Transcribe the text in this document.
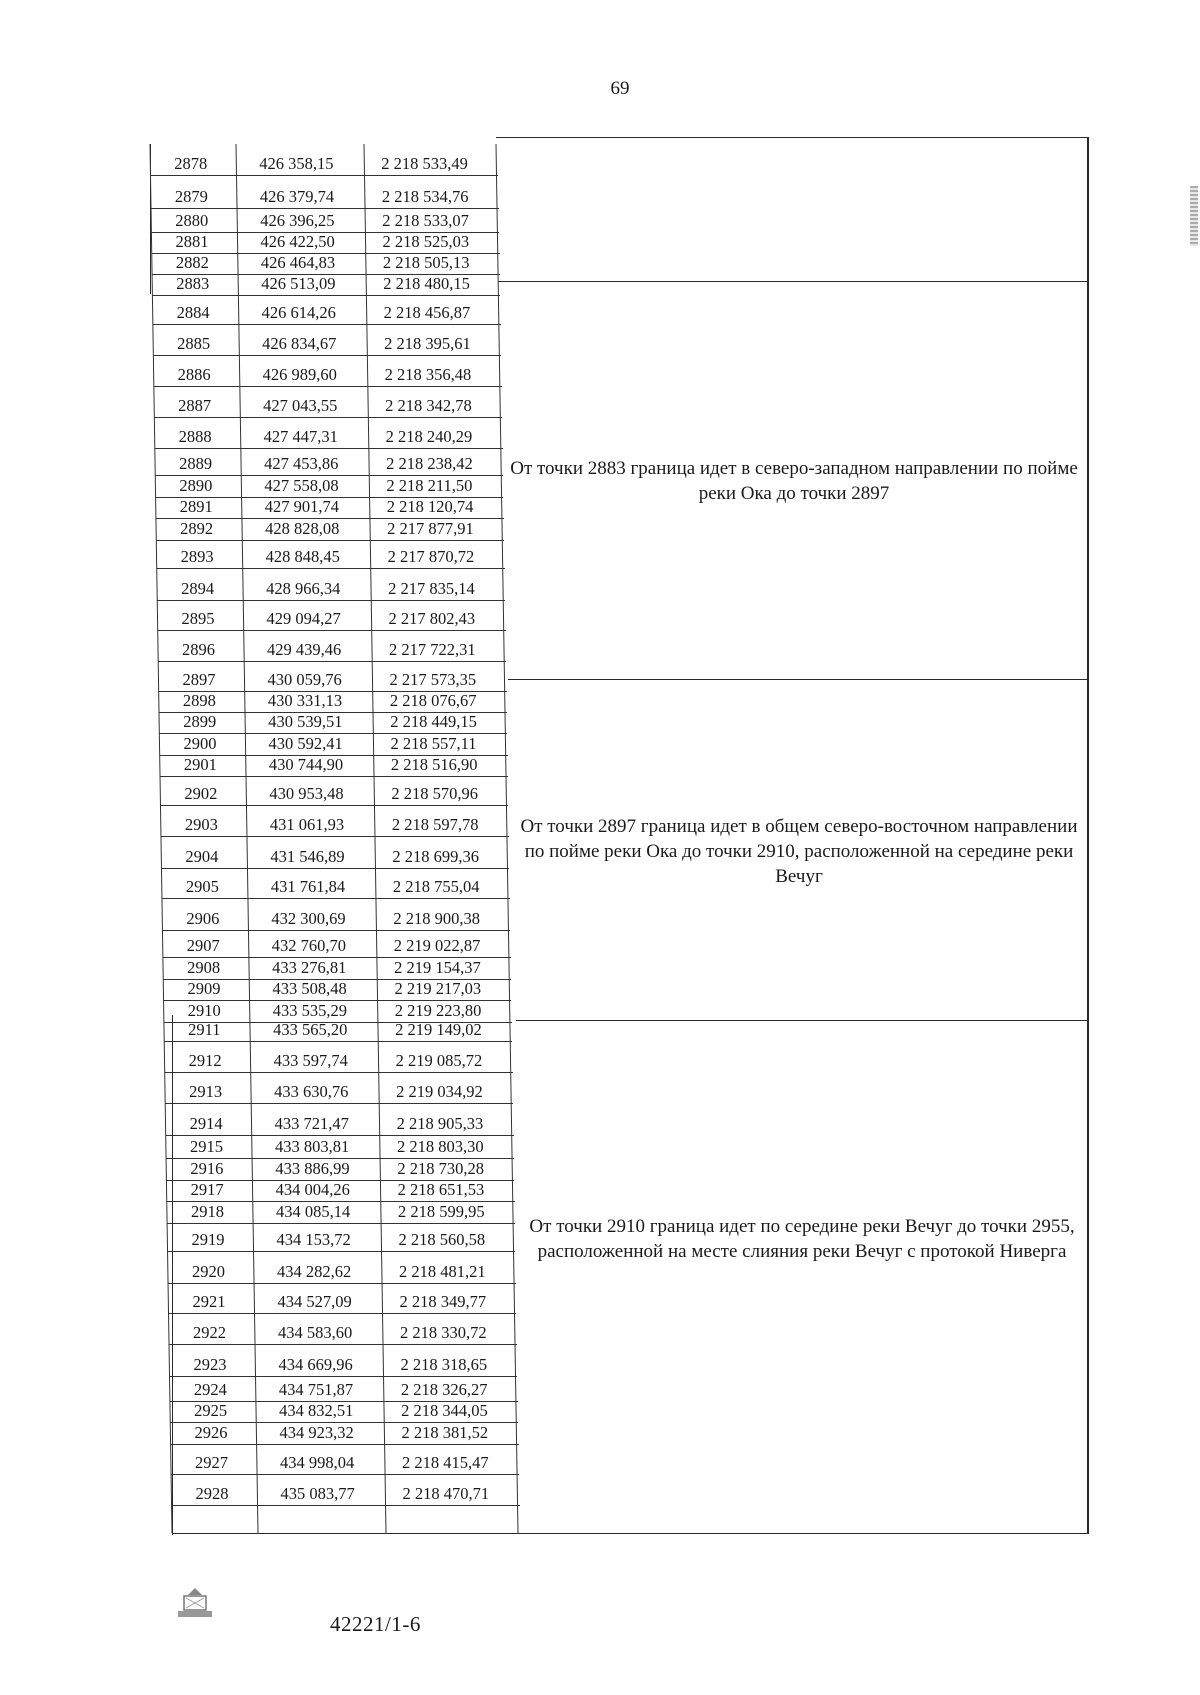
69
2878	426 358,15	2 218 533,49
2879	426 379,74	2 218 534,76
2880	426 396,25	2 218 533,07
2881	426 422,50	2 218 525,03
2882	426 464,83	2 218 505,13
2883	426 513,09	2 218 480,15
2884	426 614,26	2 218 456,87
2885	426 834,67	2 218 395,61
2886	426 989,60	2 218 356,48
2887	427 043,55	2 218 342,78
2888	427 447,31	2 218 240,29
2889	427 453,86	2 218 238,42
2890	427 558,08	2 218 211,50
2891	427 901,74	2 218 120,74
2892	428 828,08	2 217 877,91
2893	428 848,45	2 217 870,72
2894	428 966,34	2 217 835,14
2895	429 094,27	2 217 802,43
2896	429 439,46	2 217 722,31
2897	430 059,76	2 217 573,35
2898	430 331,13	2 218 076,67
2899	430 539,51	2 218 449,15
2900	430 592,41	2 218 557,11
2901	430 744,90	2 218 516,90
2902	430 953,48	2 218 570,96
2903	431 061,93	2 218 597,78
2904	431 546,89	2 218 699,36
2905	431 761,84	2 218 755,04
2906	432 300,69	2 218 900,38
2907	432 760,70	2 219 022,87
2908	433 276,81	2 219 154,37
2909	433 508,48	2 219 217,03
2910	433 535,29	2 219 223,80
2911	433 565,20	2 219 149,02
2912	433 597,74	2 219 085,72
2913	433 630,76	2 219 034,92
2914	433 721,47	2 218 905,33
2915	433 803,81	2 218 803,30
2916	433 886,99	2 218 730,28
2917	434 004,26	2 218 651,53
2918	434 085,14	2 218 599,95
2919	434 153,72	2 218 560,58
2920	434 282,62	2 218 481,21
2921	434 527,09	2 218 349,77
2922	434 583,60	2 218 330,72
2923	434 669,96	2 218 318,65
2924	434 751,87	2 218 326,27
2925	434 832,51	2 218 344,05
2926	434 923,32	2 218 381,52
2927	434 998,04	2 218 415,47
2928	435 083,77	2 218 470,71
От точки 2883 граница идет в северо-западном направлении по пойме реки Ока до точки 2897
От точки 2897 граница идет в общем северо-восточном направлении по пойме реки Ока до точки 2910, расположенной на середине реки Вечуг
От точки 2910 граница идет по середине реки Вечуг до точки 2955, расположенной на месте слияния реки Вечуг с протокой Ниверга
42221/1-6
